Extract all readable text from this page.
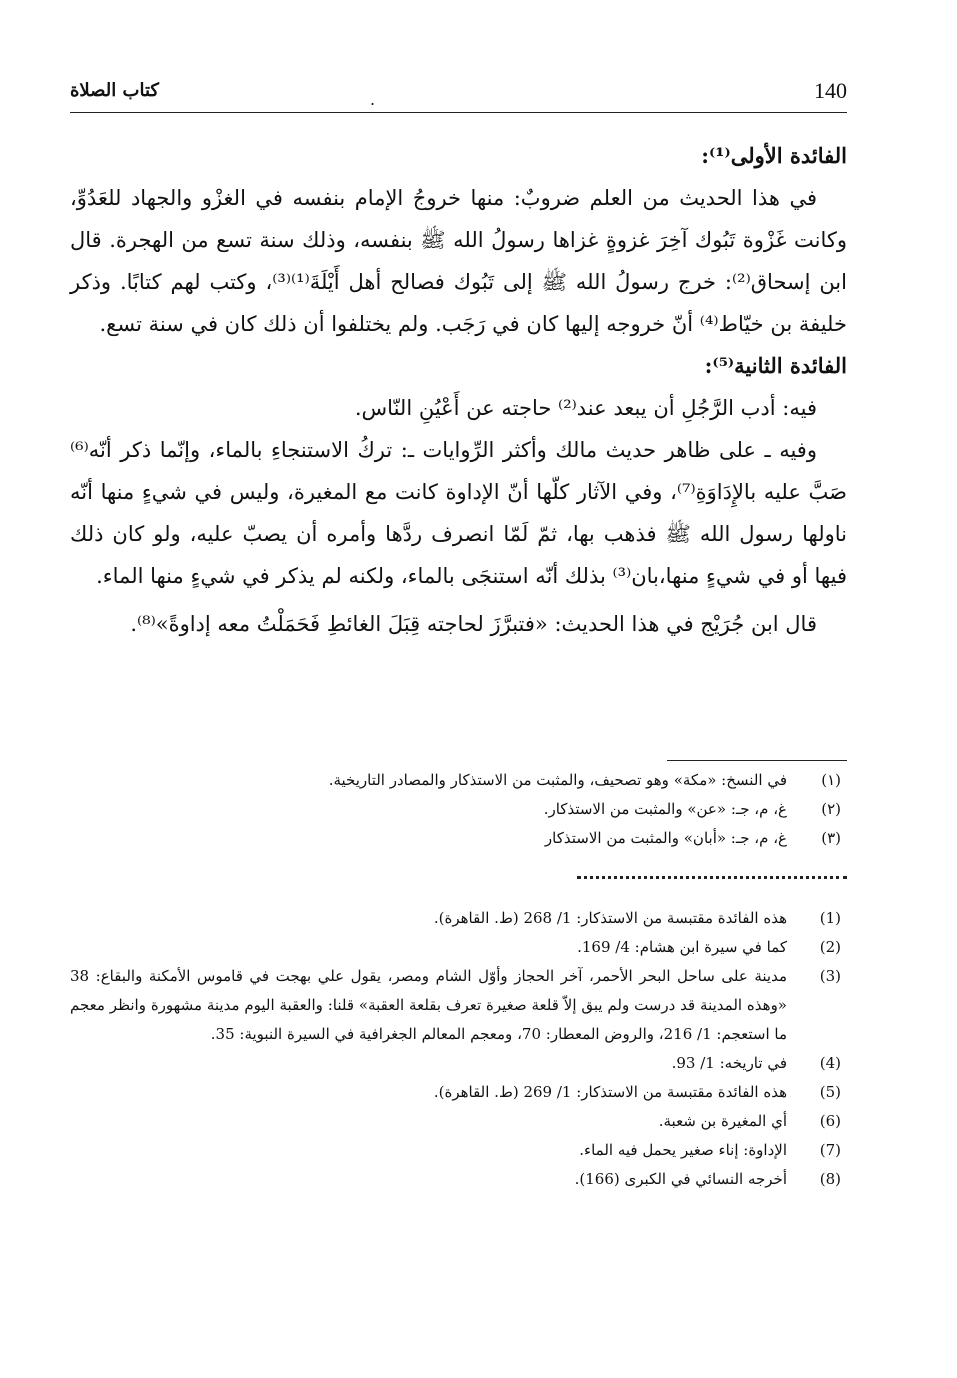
140
.
كتاب الصلاة

الفائدة الأولى⁽¹⁾:

في هذا الحديث من العلم ضروبٌ: منها خروجُ الإمام بنفسه في الغزْو والجهاد للعَدُوِّ، وكانت غَزْوة تَبُوك آخِرَ غزوةٍ غزاها رسولُ الله ﷺ بنفسه، وذلك سنة تسع من الهجرة. قال ابن إسحاق⁽²⁾: خرج رسولُ الله ﷺ إلى تَبُوك فصالح أهل أَيْلَةَ⁽¹⁾⁽³⁾، وكتب لهم كتابًا. وذكر خليفة بن خيّاط⁽⁴⁾ أنّ خروجه إليها كان في رَجَب. ولم يختلفوا أن ذلك كان في سنة تسع.

الفائدة الثانية⁽⁵⁾:

فيه: أدب الرَّجُلِ أن يبعد عند⁽²⁾ حاجته عن أَعْيُنِ النّاس.

وفيه ـ على ظاهر حديث مالك وأكثر الرِّوايات ـ: تركُ الاستنجاءِ بالماء، وإنّما ذكر أنّه⁽⁶⁾ صَبَّ عليه بالإِدَاوَةِ⁽⁷⁾، وفي الآثار كلّها أنّ الإداوة كانت مع المغيرة، وليس في شيءٍ منها أنّه ناولها رسول الله ﷺ فذهب بها، ثمّ لَمّا انصرف ردَّها وأمره أن يصبّ عليه، ولو كان ذلك فيها أو في شيءٍ منها،بان⁽³⁾ بذلك أنّه استنجَى بالماء، ولكنه لم يذكر في شيءٍ منها الماء.

قال ابن جُرَيْج في هذا الحديث: «فتبرَّزَ لحاجته قِبَلَ الغائطِ فَحَمَلْتُ معه إداوةً»⁽⁸⁾.

(١)
في النسخ: «مكة» وهو تصحيف، والمثبت من الاستذكار والمصادر التاريخية.
(٢)
غ، م، جـ: «عن» والمثبت من الاستذكار.
(٣)
غ، م، جـ: «أبان» والمثبت من الاستذكار
(1)
هذه الفائدة مقتبسة من الاستذكار: 1/ 268 (ط. القاهرة).
(2)
كما في سيرة ابن هشام: 4/ 169.
(3)
مدينة على ساحل البحر الأحمر، آخر الحجاز وأوّل الشام ومصر، يقول علي بهجت في قاموس الأمكنة والبقاع: 38 «وهذه المدينة قد درست ولم يبق إلاّ قلعة صغيرة تعرف بقلعة العقبة» قلنا: والعقبة اليوم مدينة مشهورة وانظر معجم ما استعجم: 1/ 216، والروض المعطار: 70، ومعجم المعالم الجغرافية في السيرة النبوية: 35.
(4)
في تاريخه: 1/ 93.
(5)
هذه الفائدة مقتبسة من الاستذكار: 1/ 269 (ط. القاهرة).
(6)
أي المغيرة بن شعبة.
(7)
الإداوة: إناء صغير يحمل فيه الماء.
(8)
أخرجه النسائي في الكبرى (166).
